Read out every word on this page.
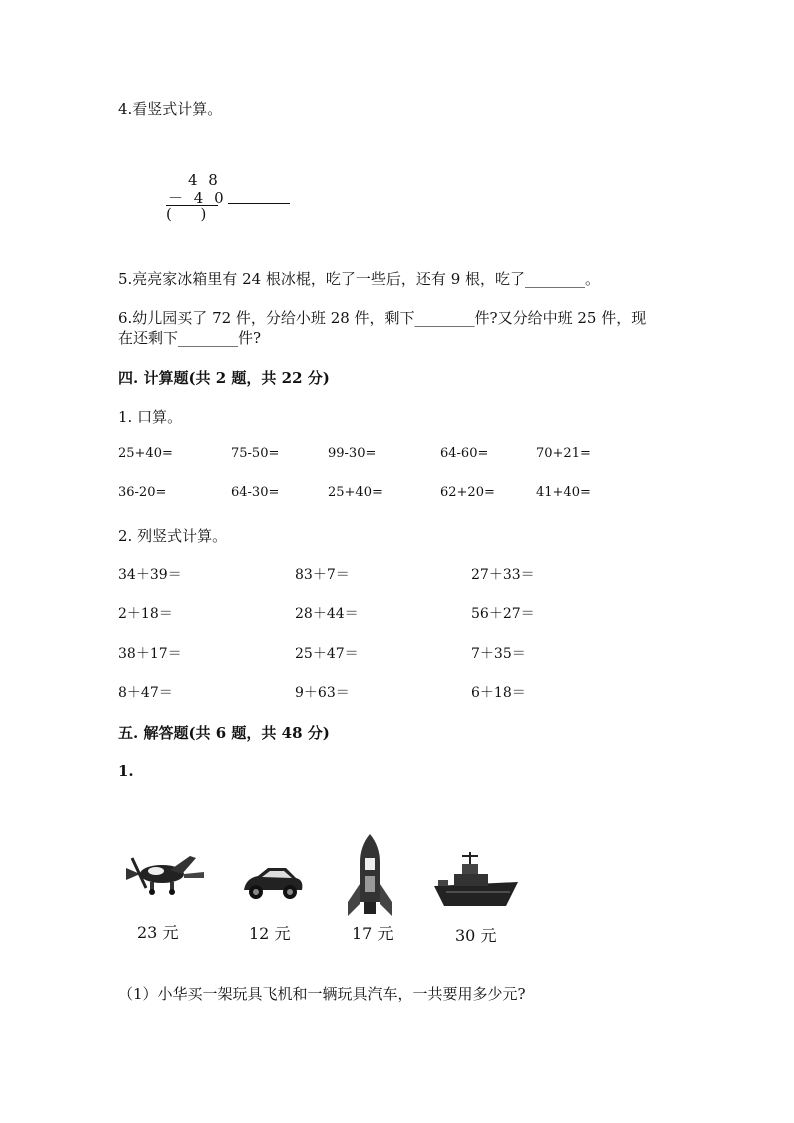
4.看竖式计算。
4 8
－ 4 0
(      )
5.亮亮家冰箱里有 24 根冰棍，吃了一些后，还有 9 根，吃了________。
6.幼儿园买了 72 件，分给小班 28 件，剩下________件?又分给中班 25 件，现
在还剩下________件?
四. 计算题(共 2 题，共 22 分)
1. 口算。
25+40=	75-50=	99-30=	64-60=	70+21=
36-20=	64-30=	25+40=	62+20=	41+40=
2. 列竖式计算。
34＋39＝	83＋7＝	27＋33＝
2＋18＝	28＋44＝	56＋27＝
38＋17＝	25＋47＝	7＋35＝
8＋47＝	9＋63＝	6＋18＝
五. 解答题(共 6 题，共 48 分)
1.
23 元	12 元	17 元	30 元
（1）小华买一架玩具飞机和一辆玩具汽车，一共要用多少元?
